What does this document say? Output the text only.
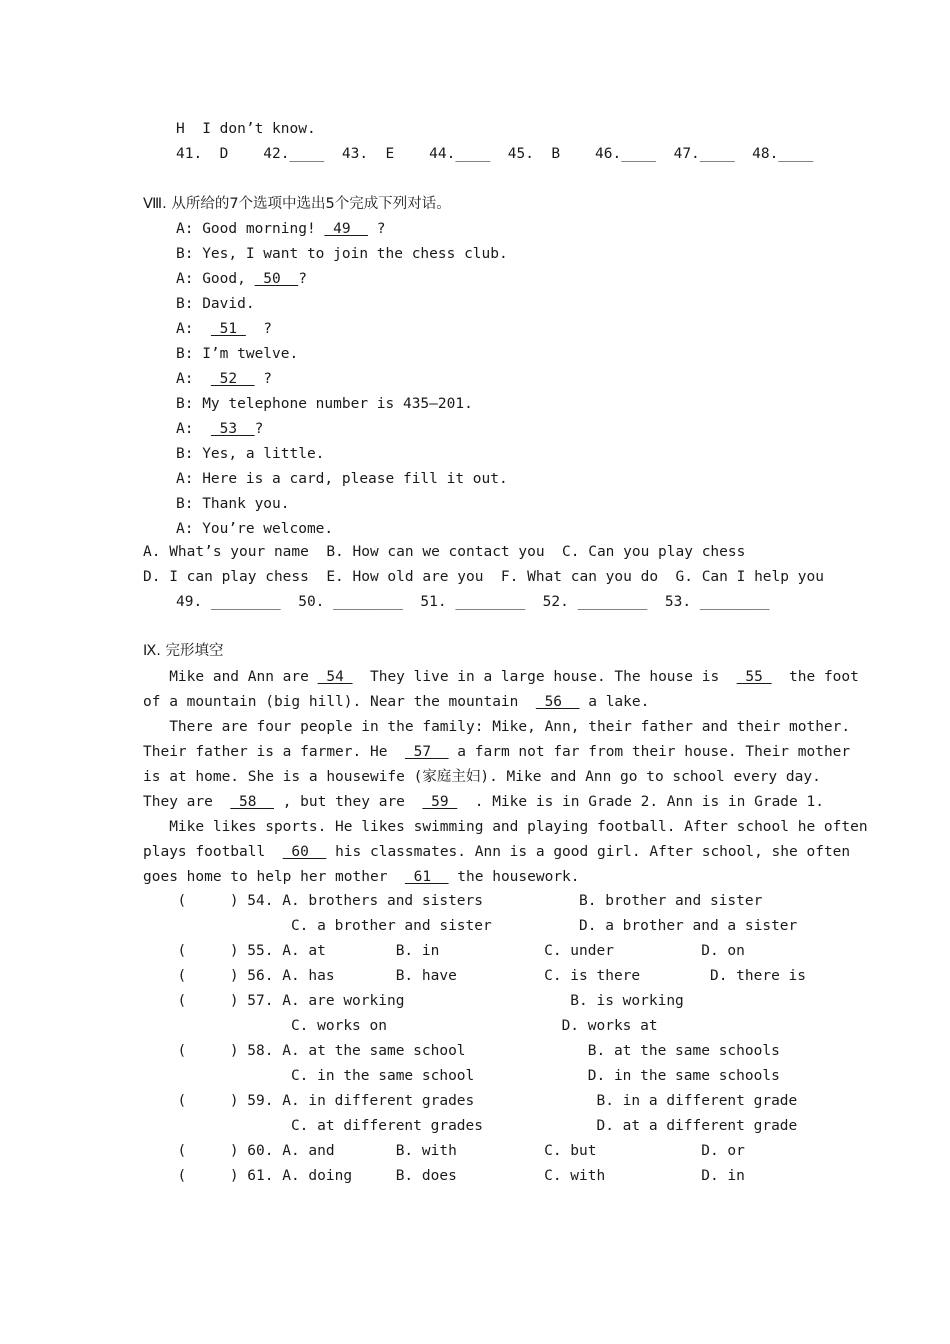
H  I don’t know.
41.  D    42.____  43.  E    44.____  45.  B    46.____  47.____  48.____
Ⅷ. 从所给的7个选项中选出5个完成下列对话。
A: Good morning!  49   ?
B: Yes, I want to join the chess club.
A: Good,  50  ?
B: David.
A:   51   ?
B: I’m twelve.
A:   52   ?
B: My telephone number is 435—201.
A:   53  ?
B: Yes, a little.
A: Here is a card, please fill it out.
B: Thank you.
A: You’re welcome.
A. What’s your name  B. How can we contact you  C. Can you play chess
D. I can play chess  E. How old are you  F. What can you do  G. Can I help you
49. ________  50. ________  51. ________  52. ________  53. ________
Ⅸ. 完形填空
Mike and Ann are  54   They live in a large house. The house is   55   the foot
of a mountain (big hill). Near the mountain   56   a lake.
There are four people in the family: Mike, Ann, their father and their mother.
Their father is a farmer. He   57   a farm not far from their house. Their mother
is at home. She is a housewife (家庭主妇). Mike and Ann go to school every day.
They are   58   , but they are   59   . Mike is in Grade 2. Ann is in Grade 1.
Mike likes sports. He likes swimming and playing football. After school he often
plays football   60   his classmates. Ann is a good girl. After school, she often
goes home to help her mother   61   the housework.
(     ) 54. A. brothers and sisters           B. brother and sister
C. a brother and sister          D. a brother and a sister
(     ) 55. A. at        B. in            C. under          D. on
(     ) 56. A. has       B. have          C. is there        D. there is
(     ) 57. A. are working                   B. is working
C. works on                    D. works at
(     ) 58. A. at the same school              B. at the same schools
C. in the same school             D. in the same schools
(     ) 59. A. in different grades              B. in a different grade
C. at different grades             D. at a different grade
(     ) 60. A. and       B. with          C. but            D. or
(     ) 61. A. doing     B. does          C. with           D. in
